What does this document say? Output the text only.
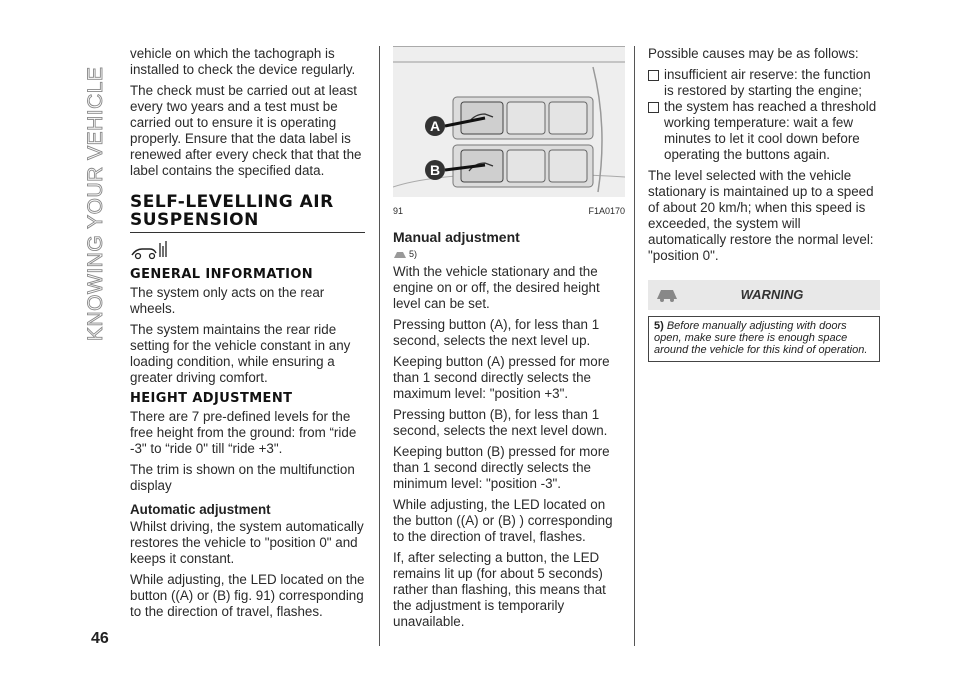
KNOWING YOUR VEHICLE
46

vehicle on which the tachograph is installed to check the device regularly.

The check must be carried out at least every two years and a test must be carried out to ensure it is operating properly. Ensure that the data label is renewed after every check that that the label contains the specified data.

SELF-LEVELLING AIR SUSPENSION
GENERAL INFORMATION

The system only acts on the rear wheels.

The system maintains the rear ride setting for the vehicle constant in any loading condition, while ensuring a greater driving comfort.

HEIGHT ADJUSTMENT

There are 7 pre-defined levels for the free height from the ground: from “ride -3" to “ride 0" till “ride +3".

The trim is shown on the multifunction display

Automatic adjustment

Whilst driving, the system automatically restores the vehicle to "position 0" and keeps it constant.

While adjusting, the LED located on the button ((A) or (B) fig. 91) corresponding to the direction of travel, flashes.

A
B
91	F1A0170
Manual adjustment
5)

With the vehicle stationary and the engine on or off, the desired height level can be set.

Pressing button (A), for less than 1 second, selects the next level up.

Keeping button (A) pressed for more than 1 second directly selects the maximum level: "position +3".

Pressing button (B), for less than 1 second, selects the next level down.

Keeping button (B) pressed for more than 1 second directly selects the minimum level: "position -3".

While adjusting, the LED located on the button ((A) or (B) ) corresponding to the direction of travel, flashes.

If, after selecting a button, the LED remains lit up (for about 5 seconds) rather than flashing, this means that the adjustment is temporarily unavailable.

Possible causes may be as follows:

insufficient air reserve: the function is restored by starting the engine;
the system has reached a threshold working temperature: wait a few minutes to let it cool down before operating the buttons again.

The level selected with the vehicle stationary is maintained up to a speed of about 20 km/h; when this speed is exceeded, the system will automatically restore the normal level: "position 0".

WARNING
5) Before manually adjusting with doors open, make sure there is enough space around the vehicle for this kind of operation.
